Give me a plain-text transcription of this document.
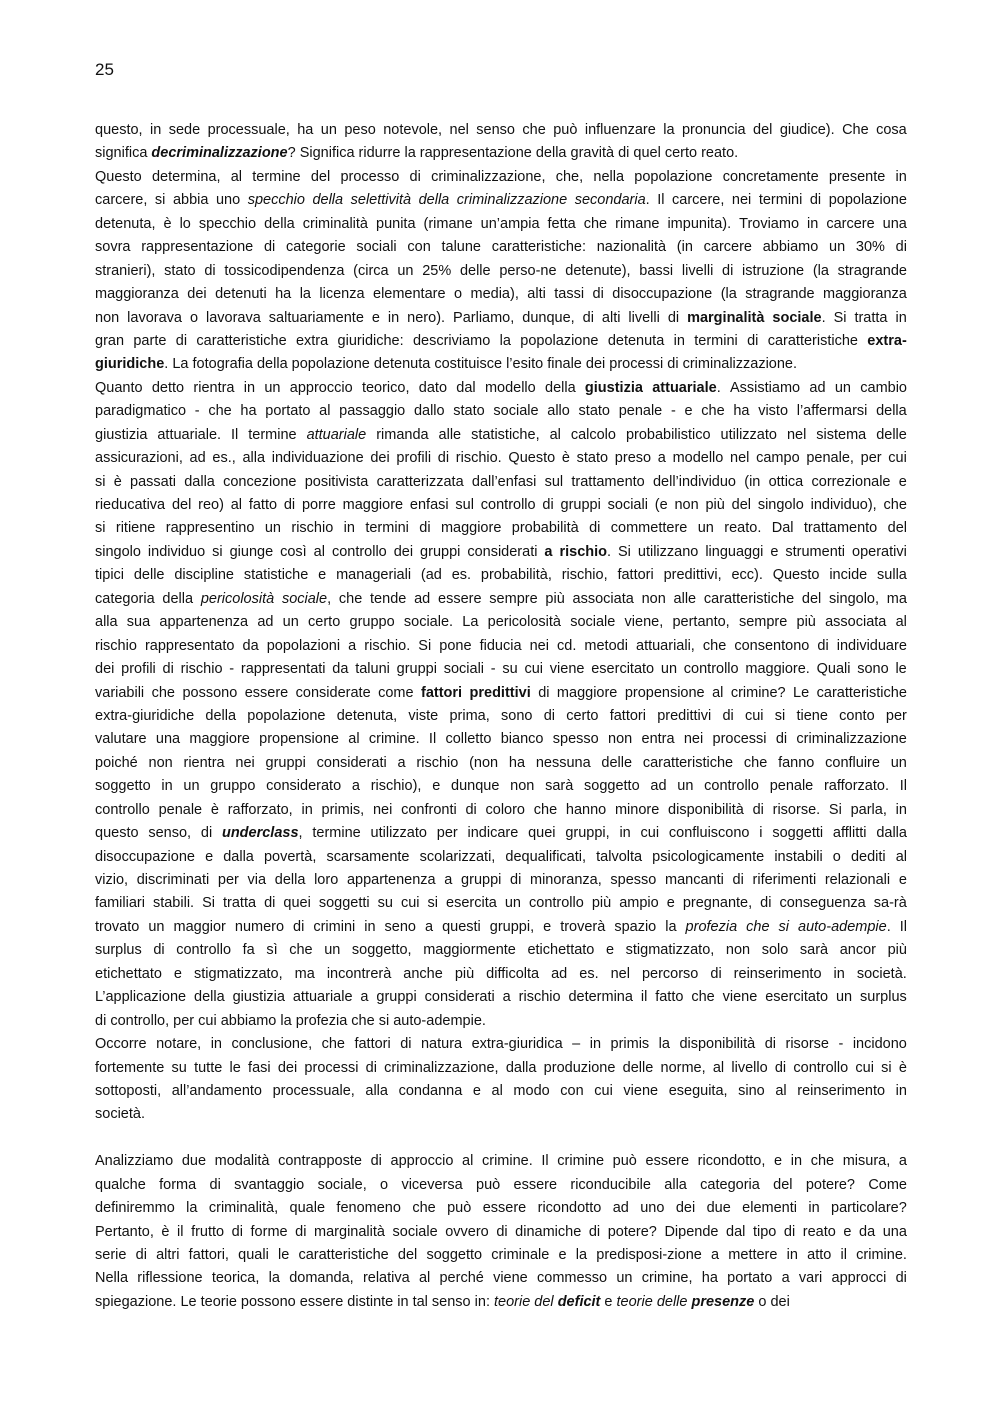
25
questo, in sede processuale, ha un peso notevole, nel senso che può influenzare la pronuncia del giudice). Che cosa
significa decriminalizzazione? Significa ridurre la rappresentazione della gravità di quel certo reato.
Questo determina, al termine del processo di criminalizzazione, che, nella popolazione concretamente presente in
carcere, si abbia uno specchio della selettività della criminalizzazione secondaria. Il carcere, nei termini di popolazione
detenuta, è lo specchio della criminalità punita (rimane un’ampia fetta che rimane impunita). Troviamo in carcere una
sovra rappresentazione di categorie sociali con talune caratteristiche: nazionalità (in carcere abbiamo un 30% di
stranieri), stato di tossicodipendenza (circa un 25% delle perso-ne detenute), bassi livelli di istruzione (la stragrande
maggioranza dei detenuti ha la licenza elementare o media), alti tassi di disoccupazione (la stragrande maggioranza
non lavorava o lavorava saltuariamente e in nero). Parliamo, dunque, di alti livelli di marginalità sociale. Si tratta in
gran parte di caratteristiche extra giuridiche: descriviamo la popolazione detenuta in termini di caratteristiche extra-
giuridiche. La fotografia della popolazione detenuta costituisce l’esito finale dei processi di criminalizzazione.
Quanto detto rientra in un approccio teorico, dato dal modello della giustizia attuariale. Assistiamo ad un cambio
paradigmatico - che ha portato al passaggio dallo stato sociale allo stato penale - e che ha visto l’affermarsi della
giustizia attuariale. Il termine attuariale rimanda alle statistiche, al calcolo probabilistico utilizzato nel sistema delle
assicurazioni, ad es., alla individuazione dei profili di rischio. Questo è stato preso a modello nel campo penale, per cui
si è passati dalla concezione positivista caratterizzata dall’enfasi sul trattamento dell’individuo (in ottica correzionale e
rieducativa del reo) al fatto di porre maggiore enfasi sul controllo di gruppi sociali (e non più del singolo individuo), che
si ritiene rappresentino un rischio in termini di maggiore probabilità di commettere un reato. Dal trattamento del
singolo individuo si giunge così al controllo dei gruppi considerati a rischio. Si utilizzano linguaggi e strumenti operativi
tipici delle discipline statistiche e manageriali (ad es. probabilità, rischio, fattori predittivi, ecc). Questo incide sulla
categoria della pericolosità sociale, che tende ad essere sempre più associata non alle caratteristiche del singolo, ma
alla sua appartenenza ad un certo gruppo sociale. La pericolosità sociale viene, pertanto, sempre più associata al
rischio rappresentato da popolazioni a rischio. Si pone fiducia nei cd. metodi attuariali, che consentono di individuare
dei profili di rischio - rappresentati da taluni gruppi sociali - su cui viene esercitato un controllo maggiore. Quali sono le
variabili che possono essere considerate come fattori predittivi di maggiore propensione al crimine? Le caratteristiche
extra-giuridiche della popolazione detenuta, viste prima, sono di certo fattori predittivi di cui si tiene conto per
valutare una maggiore propensione al crimine. Il colletto bianco spesso non entra nei processi di criminalizzazione
poiché non rientra nei gruppi considerati a rischio (non ha nessuna delle caratteristiche che fanno confluire un
soggetto in un gruppo considerato a rischio), e dunque non sarà soggetto ad un controllo penale rafforzato. Il
controllo penale è rafforzato, in primis, nei confronti di coloro che hanno minore disponibilità di risorse. Si parla, in
questo senso, di underclass, termine utilizzato per indicare quei gruppi, in cui confluiscono i soggetti afflitti dalla
disoccupazione e dalla povertà, scarsamente scolarizzati, dequalificati, talvolta psicologicamente instabili o dediti al
vizio, discriminati per via della loro appartenenza a gruppi di minoranza, spesso mancanti di riferimenti relazionali e
familiari stabili. Si tratta di quei soggetti su cui si esercita un controllo più ampio e pregnante, di conseguenza sa-rà
trovato un maggior numero di crimini in seno a questi gruppi, e troverà spazio la profezia che si auto-adempie. Il
surplus di controllo fa sì che un soggetto, maggiormente etichettato e stigmatizzato, non solo sarà ancor più
etichettato e stigmatizzato, ma incontrerà anche più difficolta ad es. nel percorso di reinserimento in società.
L’applicazione della giustizia attuariale a gruppi considerati a rischio determina il fatto che viene esercitato un surplus
di controllo, per cui abbiamo la profezia che si auto-adempie.
Occorre notare, in conclusione, che fattori di natura extra-giuridica – in primis la disponibilità di risorse - incidono
fortemente su tutte le fasi dei processi di criminalizzazione, dalla produzione delle norme, al livello di controllo cui si è
sottoposti, all’andamento processuale, alla condanna e al modo con cui viene eseguita, sino al reinserimento in
società.
Analizziamo due modalità contrapposte di approccio al crimine. Il crimine può essere ricondotto, e in che misura, a
qualche forma di svantaggio sociale, o viceversa può essere riconducibile alla categoria del potere? Come
definiremmo la criminalità, quale fenomeno che può essere ricondotto ad uno dei due elementi in particolare?
Pertanto, è il frutto di forme di marginalità sociale ovvero di dinamiche di potere? Dipende dal tipo di reato e da una
serie di altri fattori, quali le caratteristiche del soggetto criminale e la predisposi-zione a mettere in atto il crimine.
Nella riflessione teorica, la domanda, relativa al perché viene commesso un crimine, ha portato a vari approcci di
spiegazione. Le teorie possono essere distinte in tal senso in: teorie del deficit e teorie delle presenze o dei
